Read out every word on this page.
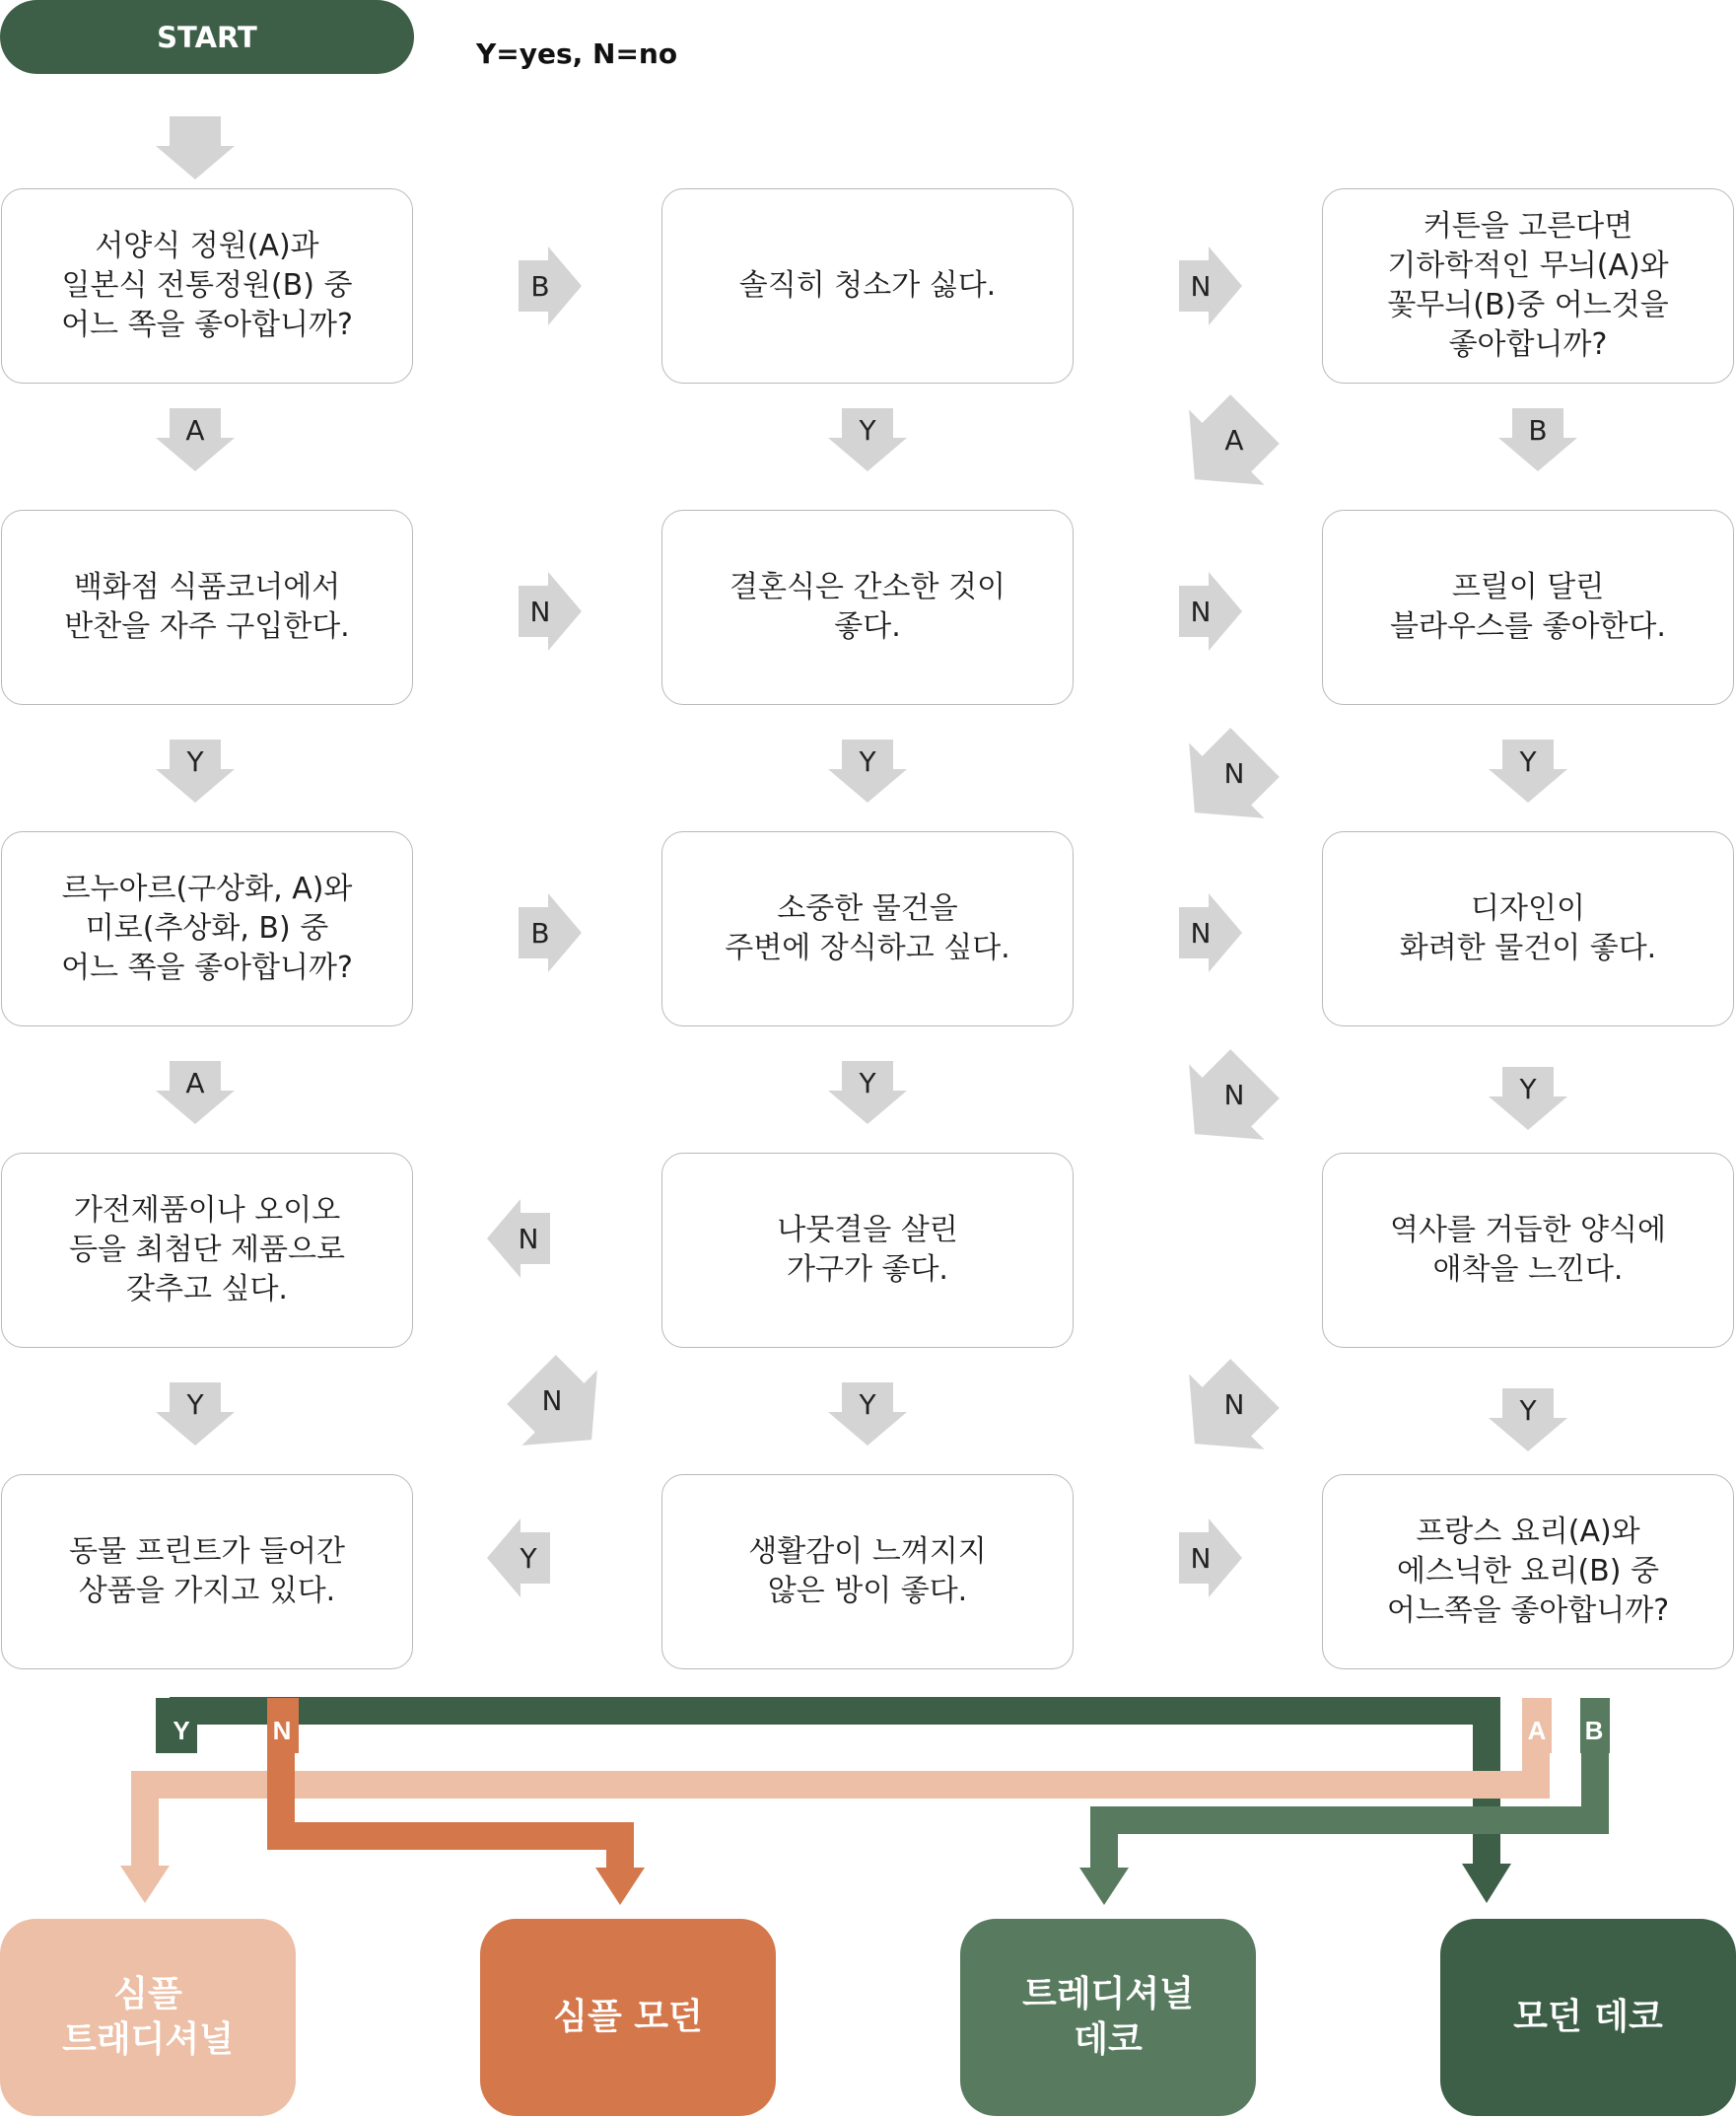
Y	N	A B
B	N
A	Y	A	B
N	N
Y	Y	N	Y
B	N
A	Y	N	Y
N
Y	N	Y	N	Y
Y	N
START	Y=yes, N=no
서양식 정원(A)과
일본식 전통정원(B) 중
어느 쪽을 좋아합니까?
솔직히 청소가 싫다.
커튼을 고른다면
기하학적인 무늬(A)와
꽃무늬(B)중 어느것을
좋아합니까?
백화점 식품코너에서
반찬을 자주 구입한다.
결혼식은 간소한 것이
좋다.
프릴이 달린
블라우스를 좋아한다.
르누아르(구상화, A)와
미로(추상화, B) 중
어느 쪽을 좋아합니까?
소중한 물건을
주변에 장식하고 싶다.
디자인이
화려한 물건이 좋다.
가전제품이나 오이오
등을 최첨단 제품으로
갖추고 싶다.
나뭇결을 살린
가구가 좋다.
역사를 거듭한 양식에
애착을 느낀다.
동물 프린트가 들어간
상품을 가지고 있다.
생활감이 느껴지지
않은 방이 좋다.
프랑스 요리(A)와
에스닉한 요리(B) 중
어느쪽을 좋아합니까?
심플
트래디셔널
심플 모던
트레디셔널
데코
모던 데코
